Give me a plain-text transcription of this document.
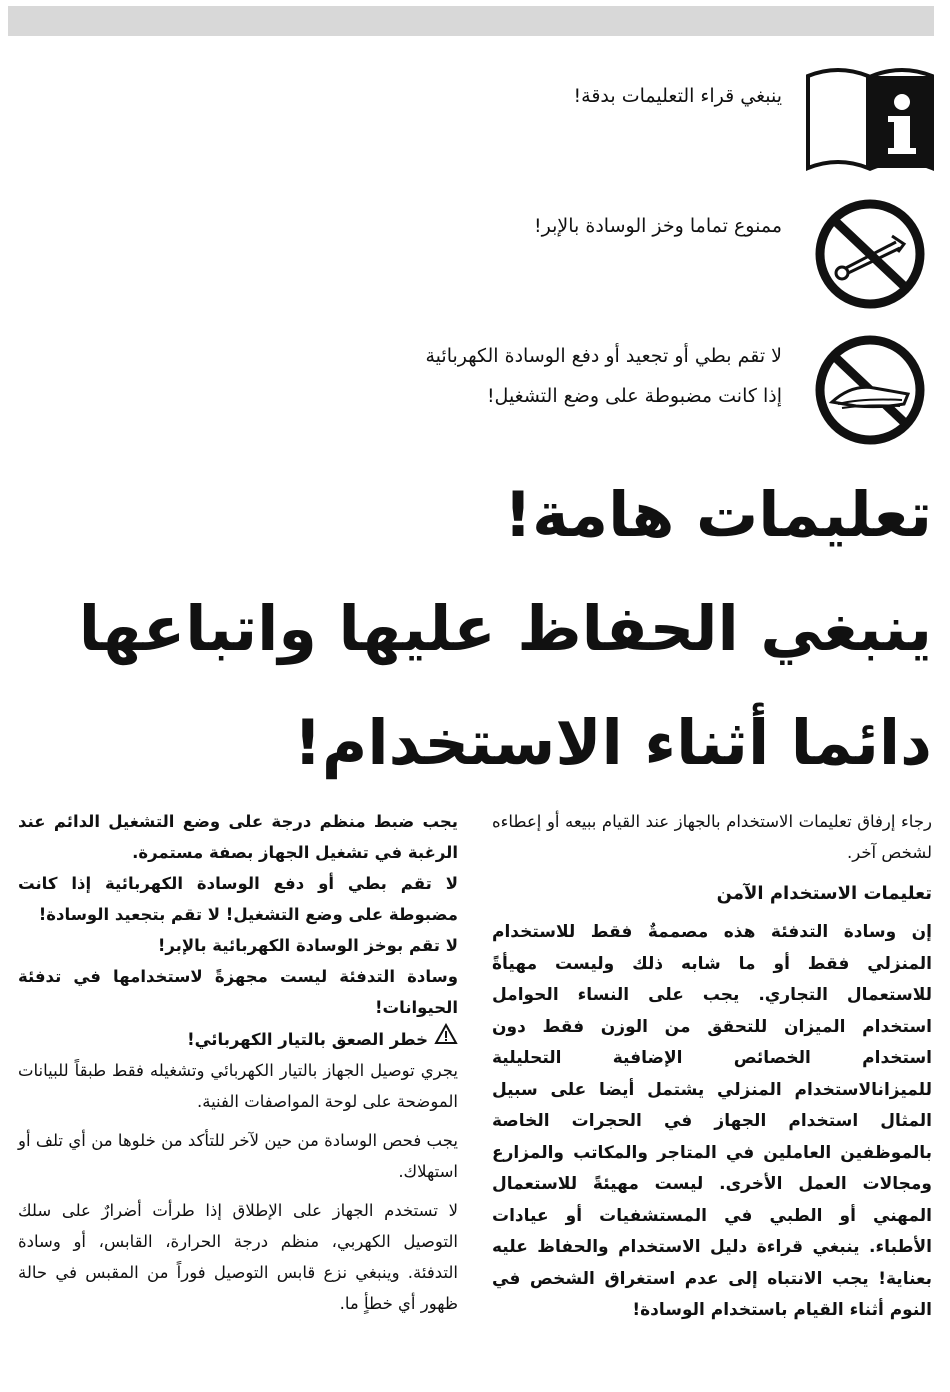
ينبغي قراء التعليمات بدقة!
ممنوع تماما وخز الوسادة بالإبر!
لا تقم بطي أو تجعيد أو دفع الوسادة الكهربائية
إذا كانت مضبوطة على وضع التشغيل!
تعليمات هامة!
ينبغي الحفاظ عليها واتباعها
دائما أثناء الاستخدام!

رجاء إرفاق تعليمات الاستخدام بالجهاز عند القيام ببيعه أو إعطاءه لشخص آخر.

تعليمات الاستخدام الآمن

إن وسادة التدفئة هذه مصممةٌ فقط للاستخدام المنزلي فقط أو ما شابه ذلك وليست مهيأةً للاستعمال التجاري. يجب على النساء الحوامل استخدام الميزان للتحقق من الوزن فقط دون استخدام الخصائص الإضافية التحليلية للميزانالاستخدام المنزلي يشتمل أيضا على سبيل المثال استخدام الجهاز في الحجرات الخاصة بالموظفين العاملين في المتاجر والمكاتب والمزارع ومجالات العمل الأخرى. ليست مهيئةً للاستعمال المهني أو الطبي في المستشفيات أو عيادات الأطباء. ينبغي قراءة دليل الاستخدام والحفاظ عليه بعناية! يجب الانتباه إلى عدم استغراق الشخص في النوم أثناء القيام باستخدام الوسادة!

يجب ضبط منظم درجة على وضع التشغيل الدائم عند الرغبة في تشغيل الجهاز بصفة مستمرة.

لا تقم بطي أو دفع الوسادة الكهربائية إذا كانت مضبوطة على وضع التشغيل! لا تقم بتجعيد الوسادة!

لا تقم بوخز الوسادة الكهربائية بالإبر!

وسادة التدفئة ليست مجهزةً لاستخدامها في تدفئة الحيوانات!

خطر الصعق بالتيار الكهربائي!

يجري توصيل الجهاز بالتيار الكهربائي وتشغيله فقط طبقاً للبيانات الموضحة على لوحة المواصفات الفنية.

يجب فحص الوسادة من حين لآخر للتأكد من خلوها من أي تلف أو استهلاك.

لا تستخدم الجهاز على الإطلاق إذا طرأت أضرارٌ على سلك التوصيل الكهربي، منظم درجة الحرارة، القابس، أو وسادة التدفئة. وينبغي نزع قابس التوصيل فوراً من المقبس في حالة ظهور أي خطأٍ ما.
